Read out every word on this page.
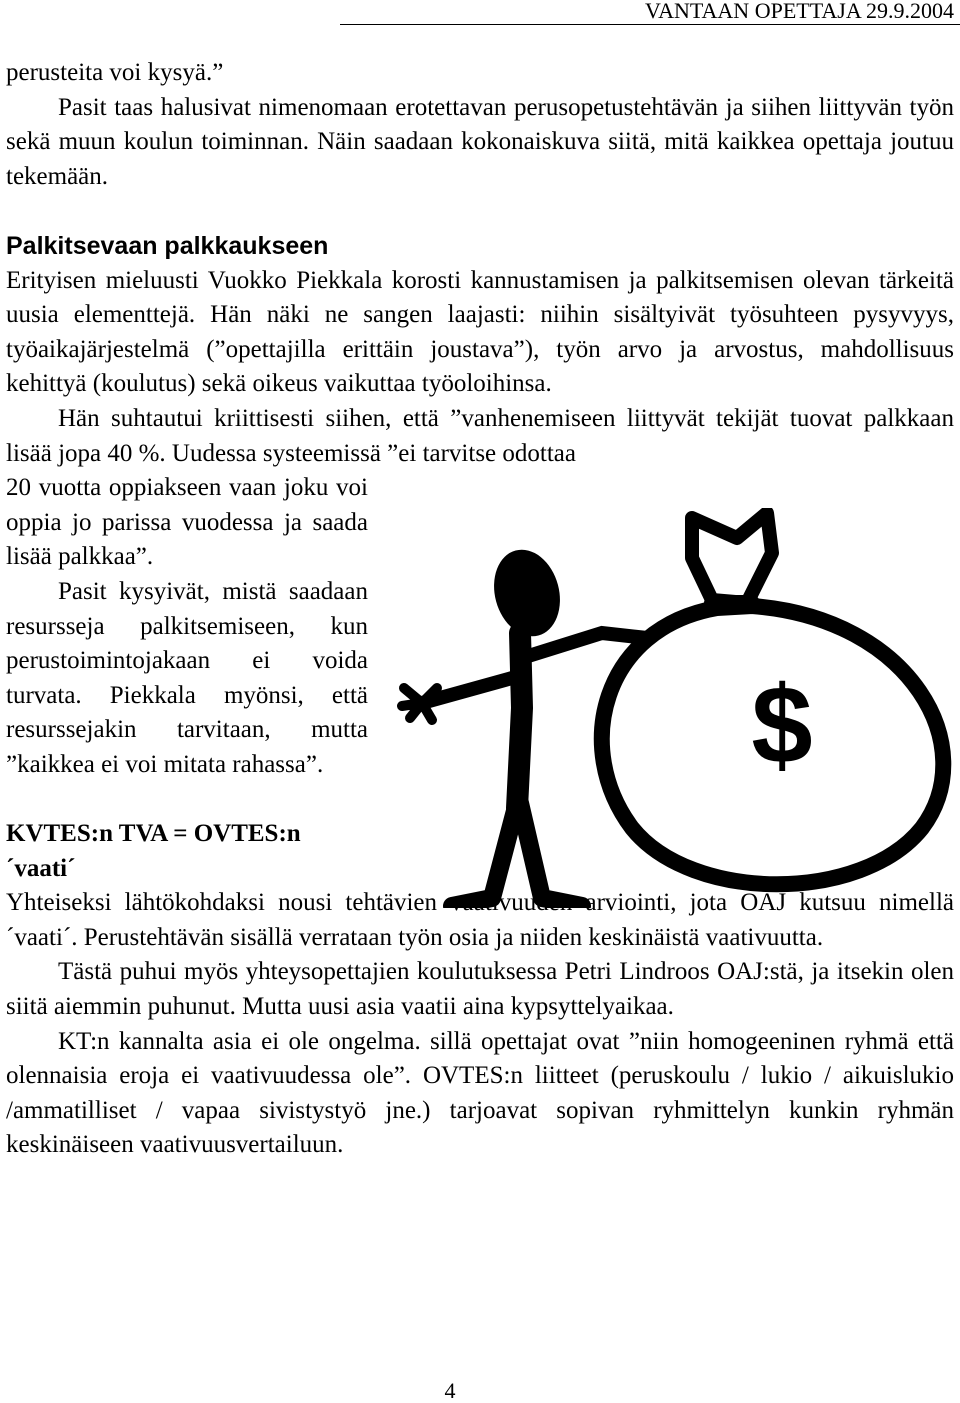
VANTAAN OPETTAJA 29.9.2004

perusteita voi kysyä.”

Pasit taas halusivat nimenomaan erotettavan perusopetustehtävän ja siihen liittyvän työn sekä muun koulun toiminnan. Näin saadaan kokonaiskuva siitä, mitä kaikkea opettaja joutuu tekemään.

Palkitsevaan palkkaukseen

Erityisen mieluusti Vuokko Piekkala korosti kannustamisen ja palkitsemisen olevan tärkeitä uusia elementtejä. Hän näki ne sangen laajasti: niihin sisältyivät työsuhteen pysyvyys, työaikajärjestelmä (”opettajilla erittäin joustava”), työn arvo ja arvostus, mahdollisuus kehittyä (koulutus) sekä oikeus vaikuttaa työoloihinsa.

Hän suhtautui kriittisesti siihen, että ”vanhenemiseen liittyvät tekijät tuovat palkkaan lisää jopa 40 %. Uudessa systeemissä ”ei tarvitse odottaa

20 vuotta oppiakseen vaan joku voi oppia jo parissa vuodessa ja saada lisää palkkaa”.

Pasit kysyivät, mistä saadaan resursseja palkitsemiseen, kun perustoimintojakaan ei voida turvata. Piekkala myönsi, että resurssejakin tarvitaan, mutta ”kaikkea ei voi mitata rahassa”.

KVTES:n TVA = OVTES:n ´vaati´

Yhteiseksi lähtökohdaksi nousi tehtävien vaativuuden arviointi, jota OAJ kutsuu nimellä ´vaati´. Perustehtävän sisällä verrataan työn osia ja niiden keskinäistä vaativuutta.

Tästä puhui myös yhteysopettajien koulutuksessa Petri Lindroos OAJ:stä, ja itsekin olen siitä aiemmin puhunut. Mutta uusi asia vaatii aina kypsyttelyaikaa.

KT:n kannalta asia ei ole ongelma. sillä opettajat ovat ”niin homogeeninen ryhmä että olennaisia eroja ei vaativuudessa ole”. OVTES:n liitteet (peruskoulu / lukio / aikuislukio /ammatilliset / vapaa sivistystyö jne.) tarjoavat sopivan ryhmittelyn kunkin ryhmän keskinäiseen vaativuusvertailuun.

$
4
